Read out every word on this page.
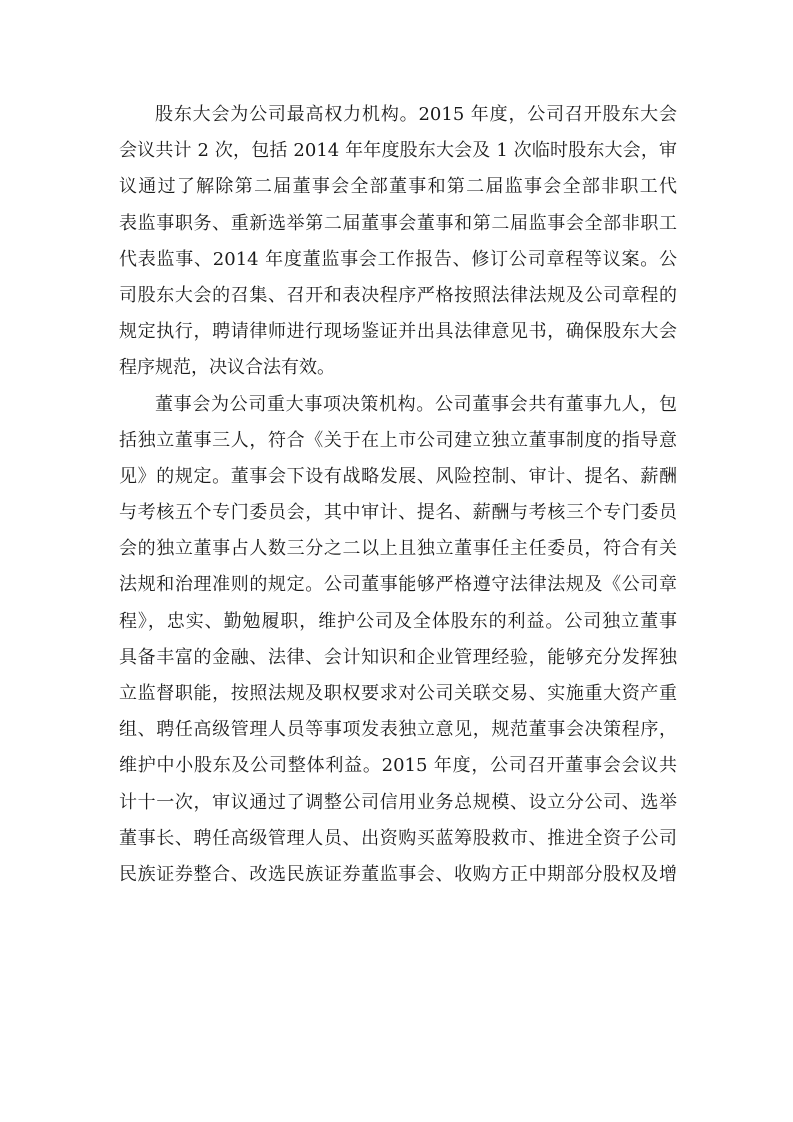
股东大会为公司最高权力机构。2015 年度，公司召开股东大会
会议共计 2 次，包括 2014 年年度股东大会及 1 次临时股东大会，审
议通过了解除第二届董事会全部董事和第二届监事会全部非职工代
表监事职务、重新选举第二届董事会董事和第二届监事会全部非职工
代表监事、2014 年度董监事会工作报告、修订公司章程等议案。公
司股东大会的召集、召开和表决程序严格按照法律法规及公司章程的
规定执行，聘请律师进行现场鉴证并出具法律意见书，确保股东大会
程序规范，决议合法有效。
董事会为公司重大事项决策机构。公司董事会共有董事九人，包
括独立董事三人，符合《关于在上市公司建立独立董事制度的指导意
见》的规定。董事会下设有战略发展、风险控制、审计、提名、薪酬
与考核五个专门委员会，其中审计、提名、薪酬与考核三个专门委员
会的独立董事占人数三分之二以上且独立董事任主任委员，符合有关
法规和治理准则的规定。公司董事能够严格遵守法律法规及《公司章
程》，忠实、勤勉履职，维护公司及全体股东的利益。公司独立董事
具备丰富的金融、法律、会计知识和企业管理经验，能够充分发挥独
立监督职能，按照法规及职权要求对公司关联交易、实施重大资产重
组、聘任高级管理人员等事项发表独立意见，规范董事会决策程序，
维护中小股东及公司整体利益。2015 年度，公司召开董事会会议共
计十一次，审议通过了调整公司信用业务总规模、设立分公司、选举
董事长、聘任高级管理人员、出资购买蓝筹股救市、推进全资子公司
民族证券整合、改选民族证券董监事会、收购方正中期部分股权及增
